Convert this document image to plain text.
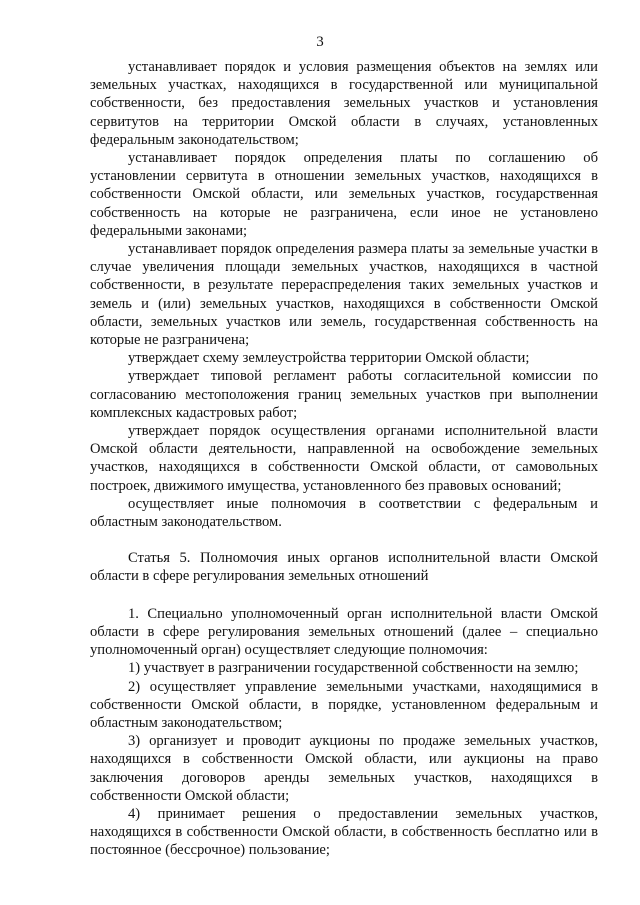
3

устанавливает порядок и условия размещения объектов на землях или земельных участках, находящихся в государственной или муниципальной собственности, без предоставления земельных участков и установления сервитутов на территории Омской области в случаях, установленных федеральным законодательством;

устанавливает порядок определения платы по соглашению об установлении сервитута в отношении земельных участков, находящихся в собственности Омской области, или земельных участков, государственная собственность на которые не разграничена, если иное не установлено федеральными законами;

устанавливает порядок определения размера платы за земельные участки в случае увеличения площади земельных участков, находящихся в частной собственности, в результате перераспределения таких земельных участков и земель и (или) земельных участков, находящихся в собственности Омской области, земельных участков или земель, государственная собственность на которые не разграничена;

утверждает схему землеустройства территории Омской области;

утверждает типовой регламент работы согласительной комиссии по согласованию местоположения границ земельных участков при выполнении комплексных кадастровых работ;

утверждает порядок осуществления органами исполнительной власти Омской области деятельности, направленной на освобождение земельных участков, находящихся в собственности Омской области, от самовольных построек, движимого имущества, установленного без правовых оснований;

осуществляет иные полномочия в соответствии с федеральным и областным законодательством.

Статья 5. Полномочия иных органов исполнительной власти Омской области в сфере регулирования земельных отношений

1. Специально уполномоченный орган исполнительной власти Омской области в сфере регулирования земельных отношений (далее – специально уполномоченный орган) осуществляет следующие полномочия:

1) участвует в разграничении государственной собственности на землю;

2) осуществляет управление земельными участками, находящимися в собственности Омской области, в порядке, установленном федеральным и областным законодательством;

3) организует и проводит аукционы по продаже земельных участков, находящихся в собственности Омской области, или аукционы на право заключения договоров аренды земельных участков, находящихся в собственности Омской области;

4) принимает решения о предоставлении земельных участков, находящихся в собственности Омской области, в собственность бесплатно или в постоянное (бессрочное) пользование;
